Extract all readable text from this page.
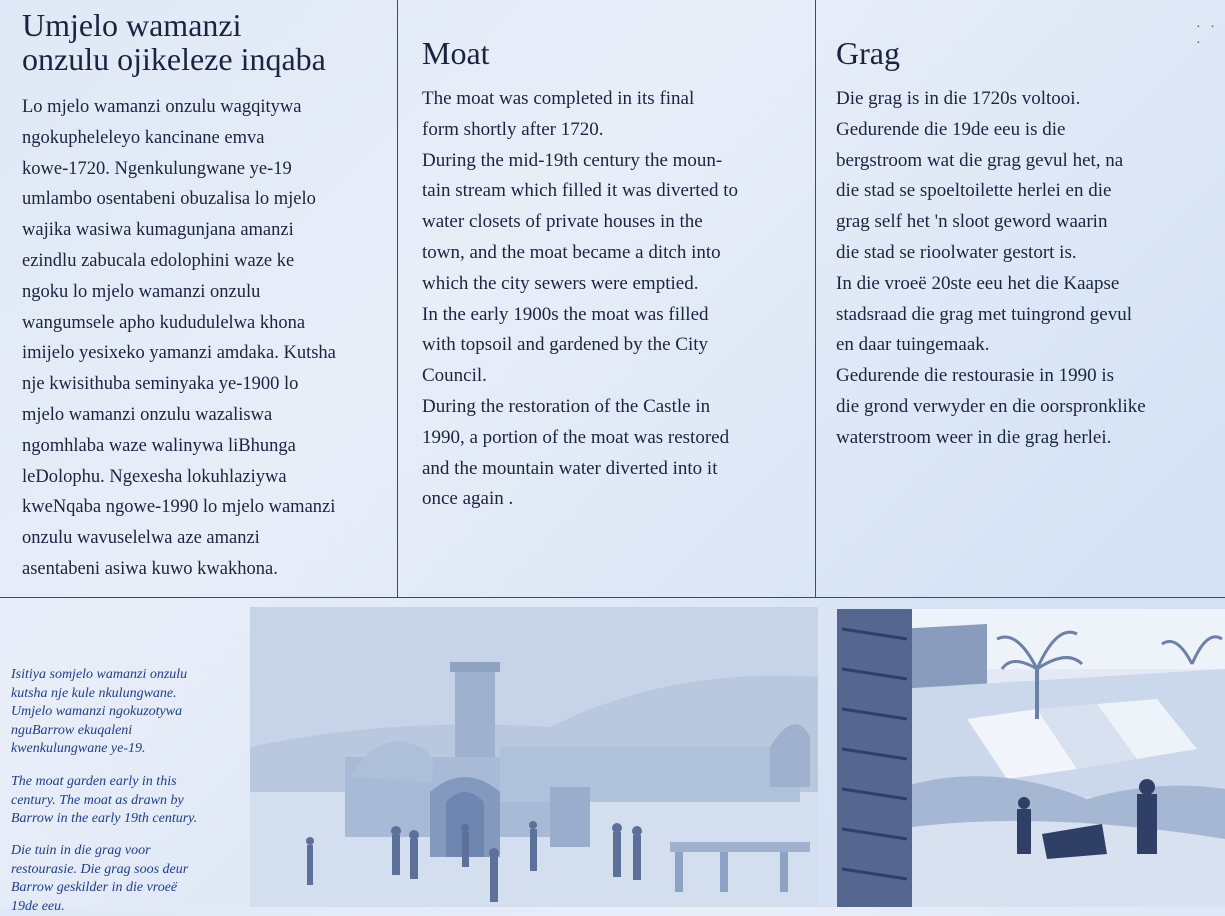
· · ·
Umjelo wamanzi
onzulu ojikeleze inqaba

Lo mjelo wamanzi onzulu wagqitywa
ngokupheleleyo kancinane emva
kowe-1720. Ngenkulungwane ye-19
umlambo osentabeni obuzalisa lo mjelo
wajika wasiwa kumagunjana amanzi
ezindlu zabucala edolophini waze ke
ngoku lo mjelo wamanzi onzulu
wangumsele apho kududulelwa khona
imijelo yesixeko yamanzi amdaka. Kutsha
nje kwisithuba seminyaka ye-1900 lo
mjelo wamanzi onzulu wazaliswa
ngomhlaba waze walinywa liBhunga
leDolophu. Ngexesha lokuhlaziywa
kweNqaba ngowe-1990 lo mjelo wamanzi
onzulu wavuselelwa aze amanzi
asentabeni asiwa kuwo kwakhona.

Moat

The moat was completed in its final
form shortly after 1720.
During the mid-19th century the moun-
tain stream which filled it was diverted to
water closets of private houses in the
town, and the moat became a ditch into
which the city sewers were emptied.
In the early 1900s the moat was filled
with topsoil and gardened by the City
Council.
During the restoration of the Castle in
1990, a portion of the moat was restored
and the mountain water diverted into it
once again .

Grag

Die grag is in die 1720s voltooi.
Gedurende die 19de eeu is die
bergstroom wat die grag gevul het, na
die stad se spoeltoilette herlei en die
grag self het 'n sloot geword waarin
die stad se rioolwater gestort is.
In die vroeë 20ste eeu het die Kaapse
stadsraad die grag met tuingrond gevul
en daar tuingemaak.
Gedurende die restourasie in 1990 is
die grond verwyder en die oorspronklike
waterstroom weer in die grag herlei.

Isitiya somjelo wamanzi onzulu
kutsha nje kule nkulungwane.
Umjelo wamanzi ngokuzotywa
nguBarrow ekuqaleni
kwenkulungwane ye-19.

The moat garden early in this
century. The moat as drawn by
Barrow in the early 19th century.

Die tuin in die grag voor
restourasie. Die grag soos deur
Barrow geskilder in die vroeë
19de eeu.
